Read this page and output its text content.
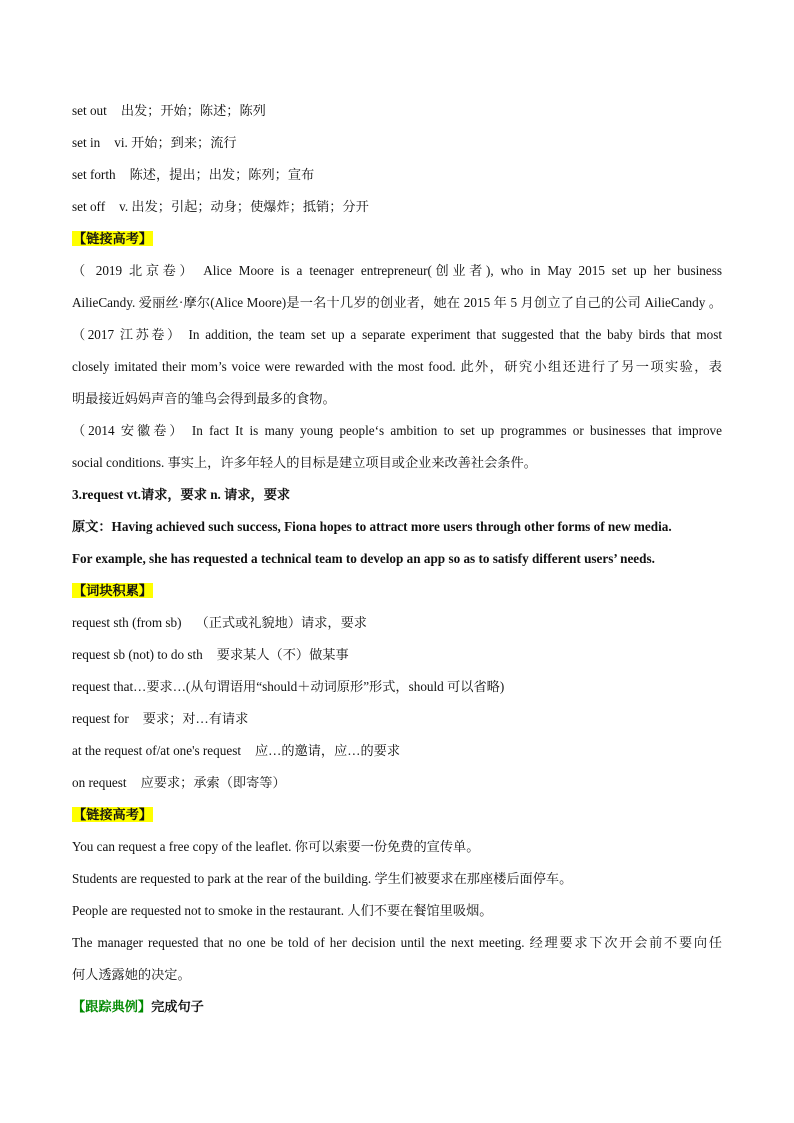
set out 出发；开始；陈述；陈列
set in vi. 开始；到来；流行
set forth 陈述，提出；出发；陈列；宣布
set off v. 出发；引起；动身；使爆炸；抵销；分开
【链接高考】
（ 2019 北京卷） Alice Moore is a teenager entrepreneur(创业者), who in May 2015 set up her business
AilieCandy. 爱丽丝·摩尔(Alice Moore)是一名十几岁的创业者，她在 2015 年 5 月创立了自己的公司 AilieCandy 。
（2017 江苏卷） In addition, the team set up a separate experiment that suggested that the baby birds that most
closely imitated their mom’s voice were rewarded with the most food. 此外，研究小组还进行了另一项实验，表
明最接近妈妈声音的雏鸟会得到最多的食物。
（2014 安徽卷） In fact It is many young people‘s ambition to set up programmes or businesses that improve
social conditions. 事实上，许多年轻人的目标是建立项目或企业来改善社会条件。
3.request vt.请求，要求 n. 请求，要求
原文：Having achieved such success, Fiona hopes to attract more users through other forms of new media.
For example, she has requested a technical team to develop an app so as to satisfy different users’ needs.
【词块积累】
request sth (from sb) （正式或礼貌地）请求，要求
request sb (not) to do sth 要求某人（不）做某事
request that…要求…(从句谓语用“should＋动词原形”形式，should 可以省略)
request for 要求；对…有请求
at the request of/at one's request 应…的邀请，应…的要求
on request 应要求；承索（即寄等）
【链接高考】
You can request a free copy of the leaflet. 你可以索要一份免费的宣传单。
Students are requested to park at the rear of the building. 学生们被要求在那座楼后面停车。
People are requested not to smoke in the restaurant. 人们不要在餐馆里吸烟。
The manager requested that no one be told of her decision until the next meeting. 经理要求下次开会前不要向任
何人透露她的决定。
【跟踪典例】完成句子
